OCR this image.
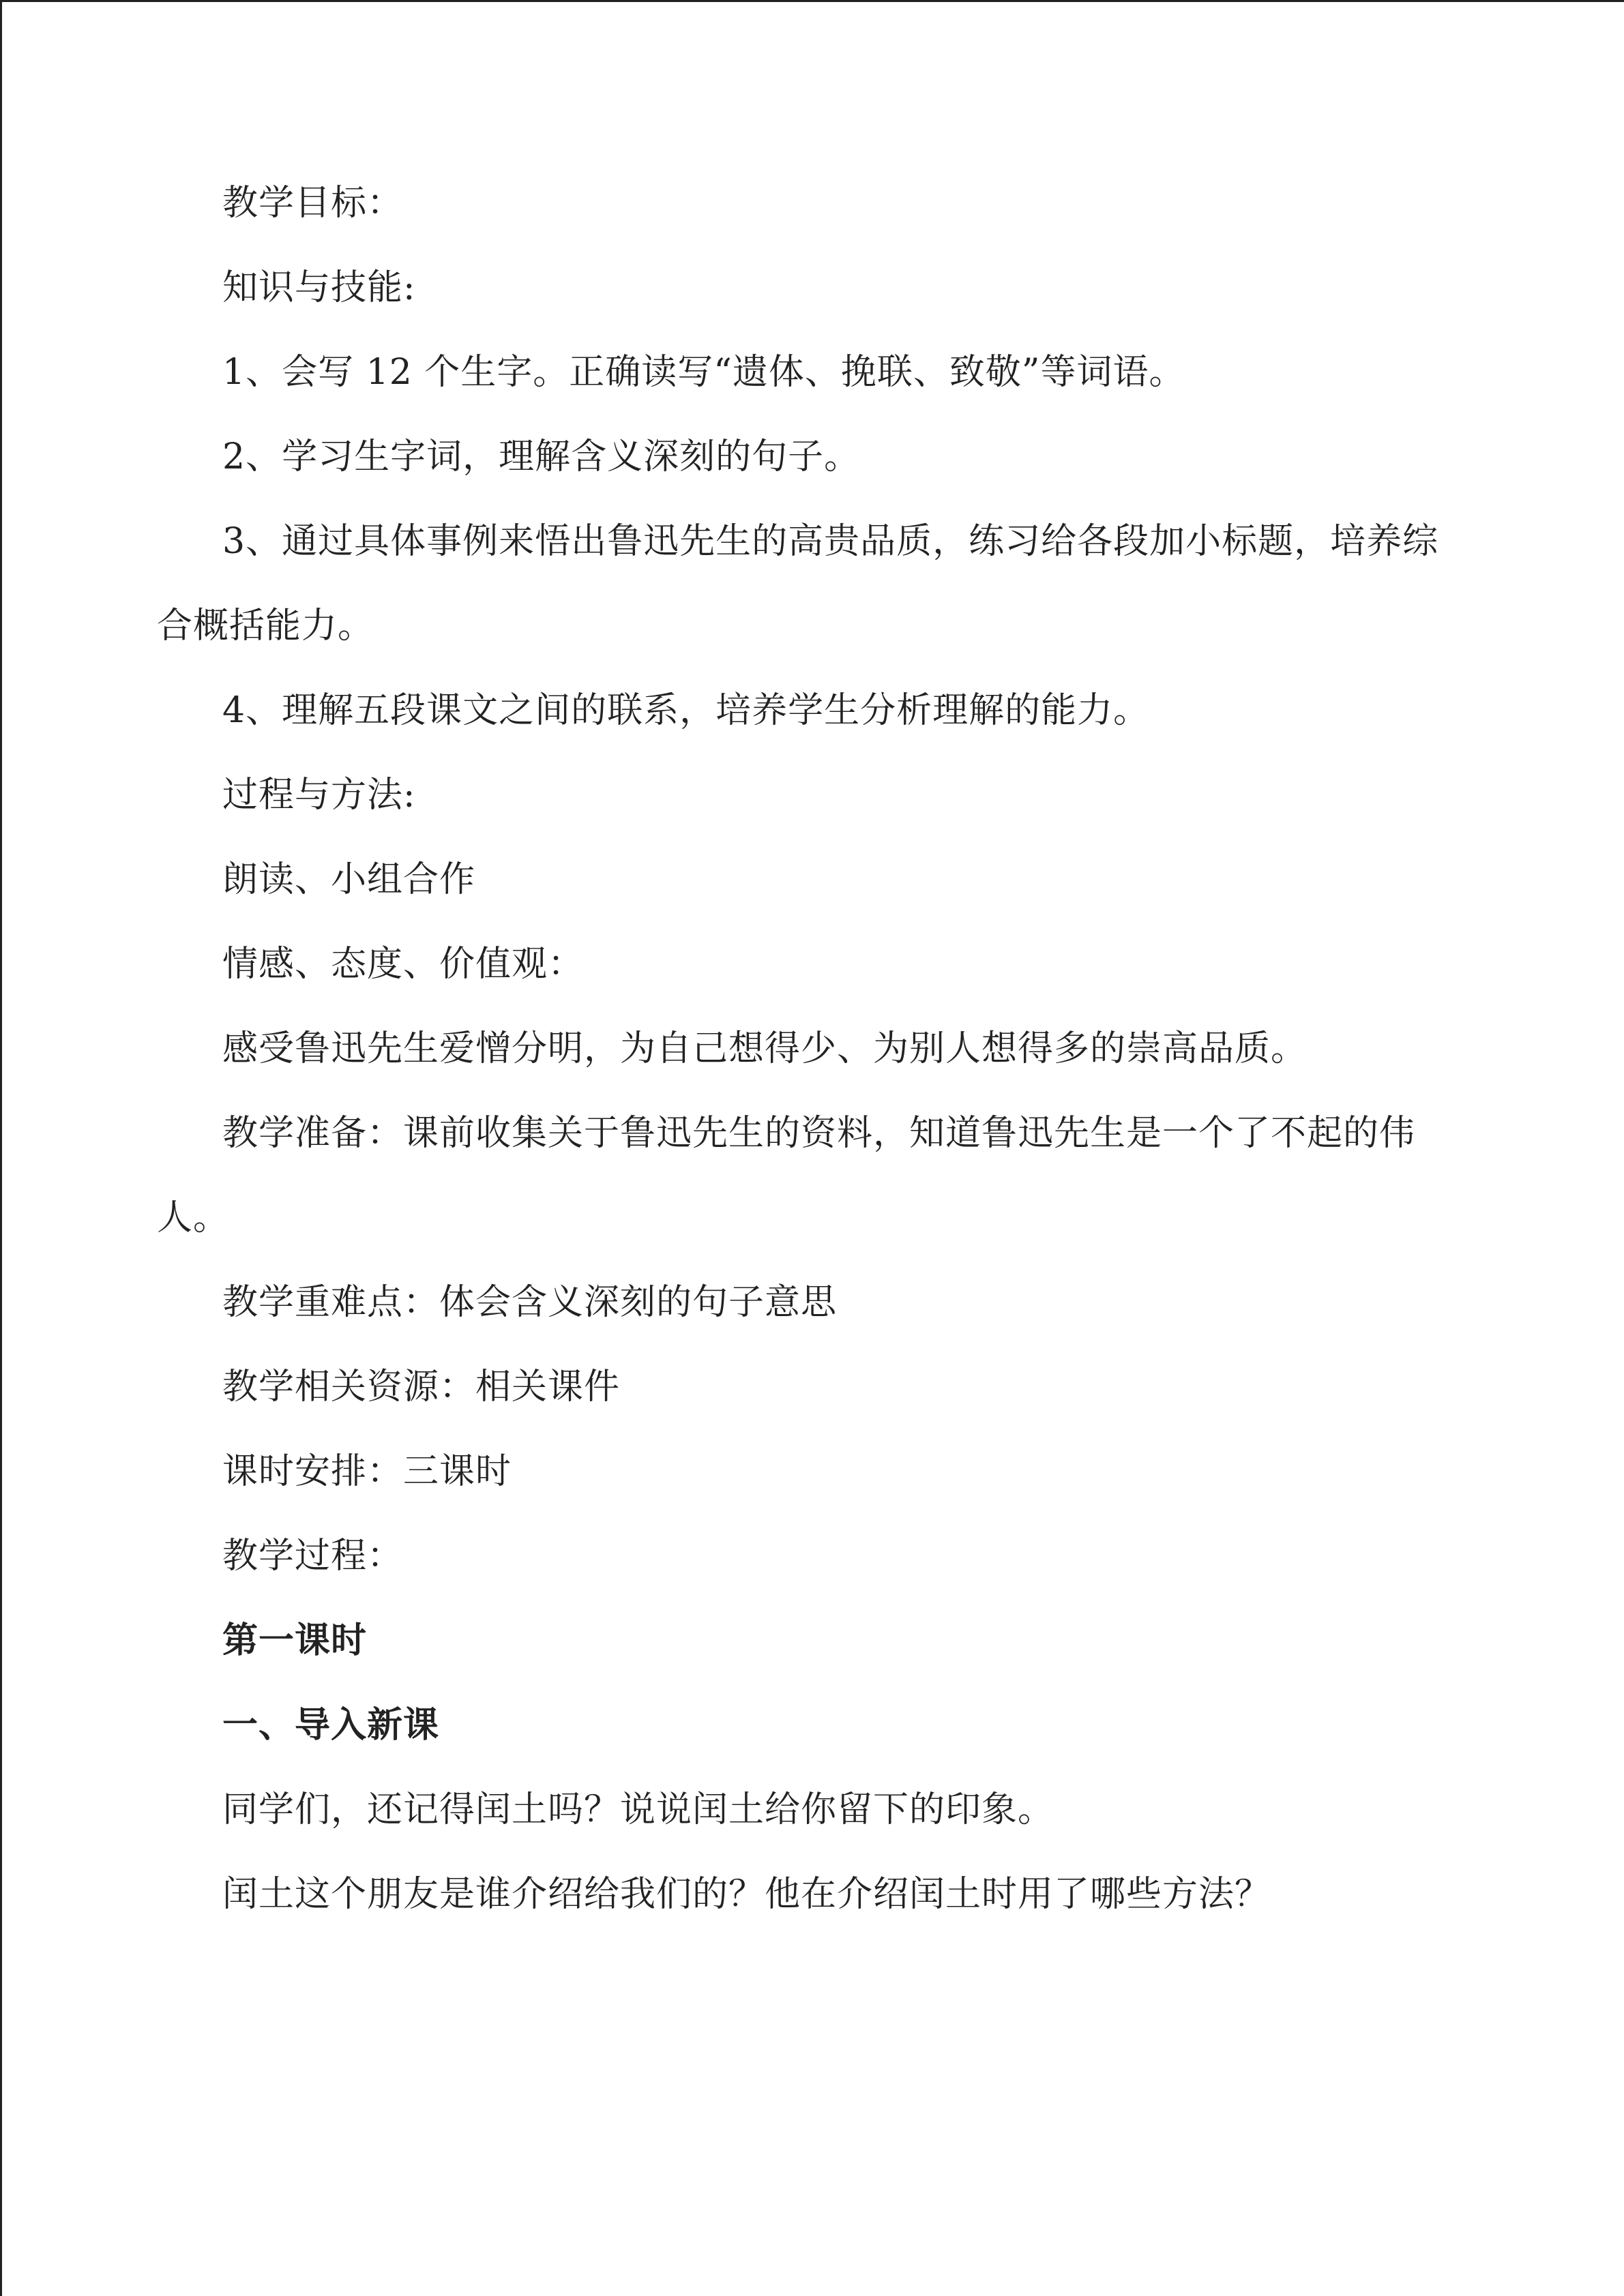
教学目标：

知识与技能:

1、会写 12 个生字。正确读写“遗体、挽联、致敬”等词语。

2、学习生字词，理解含义深刻的句子。

3、通过具体事例来悟出鲁迅先生的高贵品质，练习给各段加小标题，培养综合概括能力。

4、理解五段课文之间的联系，培养学生分析理解的能力。

过程与方法:

朗读、小组合作

情感、态度、价值观：

感受鲁迅先生爱憎分明，为自己想得少、为别人想得多的崇高品质。

教学准备：课前收集关于鲁迅先生的资料，知道鲁迅先生是一个了不起的伟人。

教学重难点：体会含义深刻的句子意思

教学相关资源：相关课件

课时安排：三课时

教学过程：

第一课时

一、导入新课

同学们，还记得闰土吗？说说闰土给你留下的印象。

闰土这个朋友是谁介绍给我们的？他在介绍闰土时用了哪些方法？
